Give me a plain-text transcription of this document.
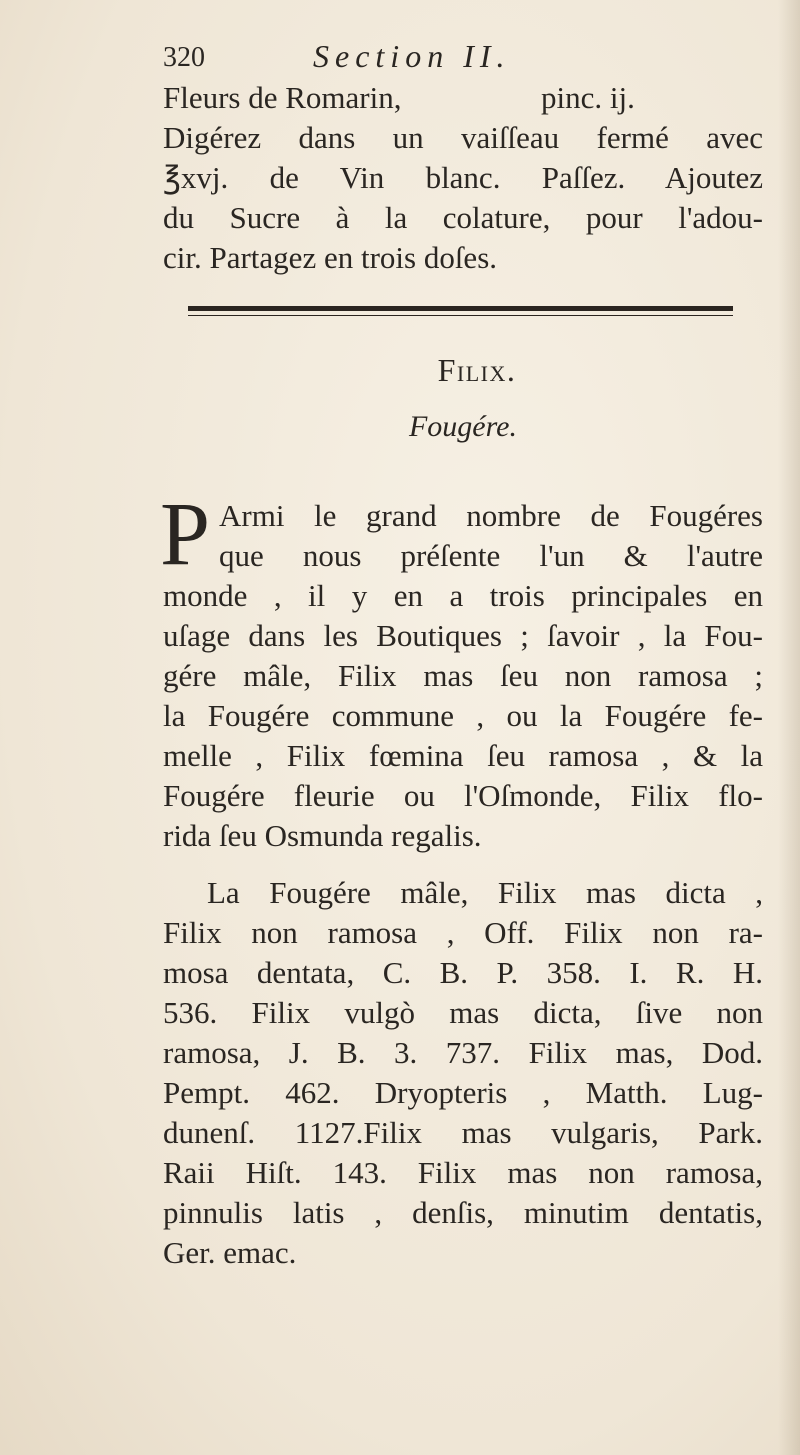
320	Section II.
Fleurs de Romarin,                  pinc. ij.
Digérez dans un vaiſſeau fermé avec
℥xvj. de Vin blanc. Paſſez. Ajoutez
du Sucre à la colature, pour l'adou-
cir. Partagez en trois doſes.
Filix.
Fougére.
P Armi le grand nombre de Fougéres
que nous préſente l'un & l'autre
monde , il y en a trois principales en
uſage dans les Boutiques ; ſavoir , la Fou-
gére mâle, Filix mas ſeu non ramosa ;
la Fougére commune , ou la Fougére fe-
melle , Filix fœmina ſeu ramosa , & la
Fougére fleurie ou l'Oſmonde, Filix flo-
rida ſeu Osmunda regalis.
La Fougére mâle, Filix mas dicta ,
Filix non ramosa , Off. Filix non ra-
mosa dentata, C. B. P. 358. I. R. H.
536. Filix vulgò mas dicta, ſive non
ramosa, J. B. 3. 737. Filix mas, Dod.
Pempt. 462. Dryopteris , Matth. Lug-
dunenſ. 1127.Filix mas vulgaris, Park.
Raii Hiſt. 143. Filix mas non ramosa,
pinnulis latis , denſis, minutim dentatis,
Ger. emac.
